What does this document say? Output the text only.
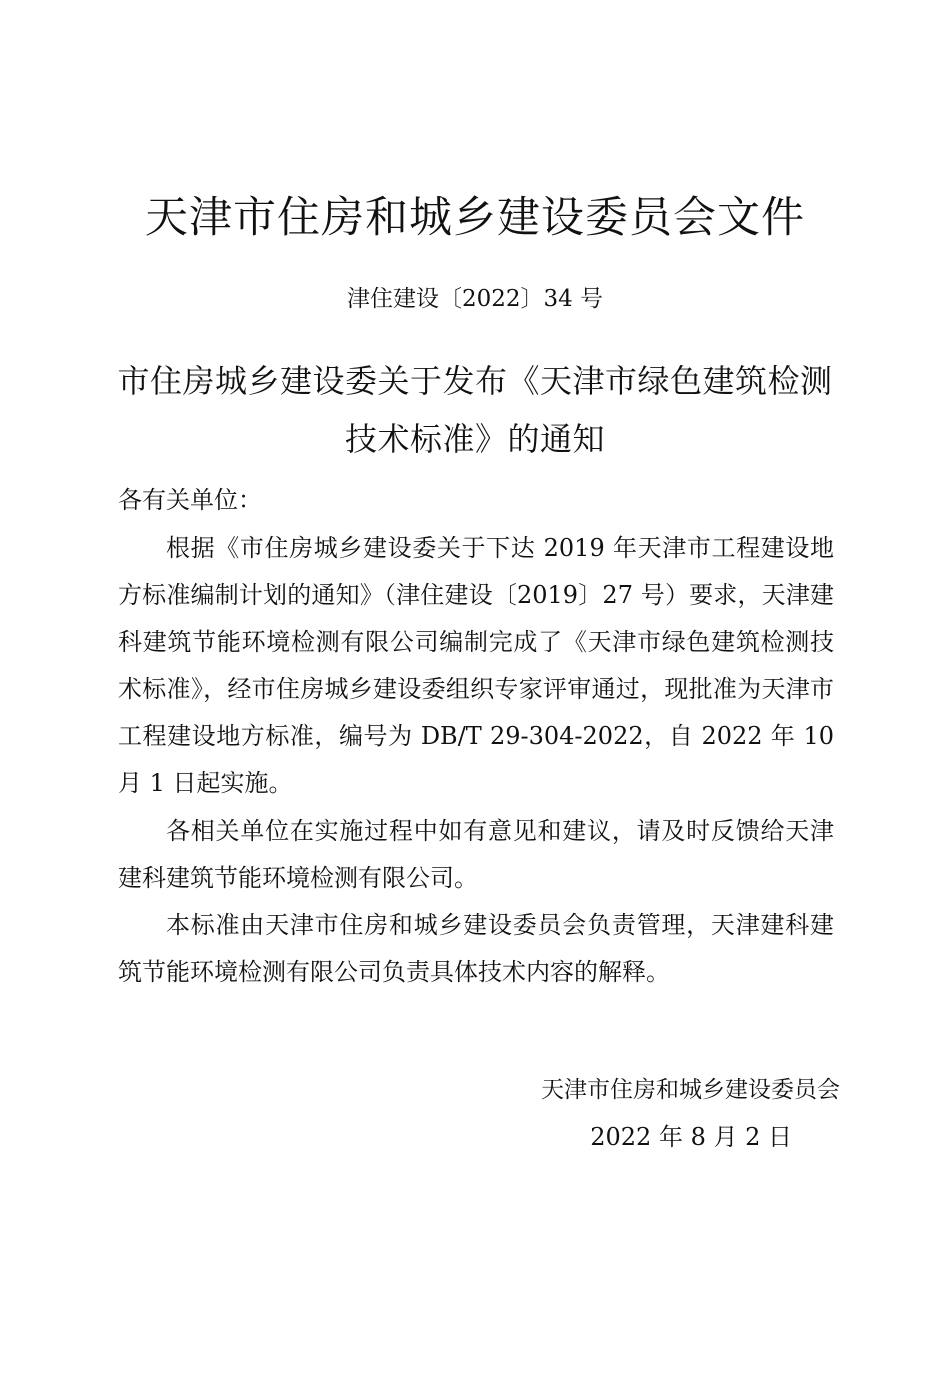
天津市住房和城乡建设委员会文件
津住建设〔2022〕34 号
市住房城乡建设委关于发布《天津市绿色建筑检测技术标准》的通知
各有关单位：
根据《市住房城乡建设委关于下达 2019 年天津市工程建设地方标准编制计划的通知》（津住建设〔2019〕27 号）要求，天津建科建筑节能环境检测有限公司编制完成了《天津市绿色建筑检测技术标准》，经市住房城乡建设委组织专家评审通过，现批准为天津市工程建设地方标准，编号为 DB/T 29-304-2022，自 2022 年 10 月 1 日起实施。
各相关单位在实施过程中如有意见和建议，请及时反馈给天津建科建筑节能环境检测有限公司。
本标准由天津市住房和城乡建设委员会负责管理，天津建科建筑节能环境检测有限公司负责具体技术内容的解释。
天津市住房和城乡建设委员会
2022 年 8 月 2 日
